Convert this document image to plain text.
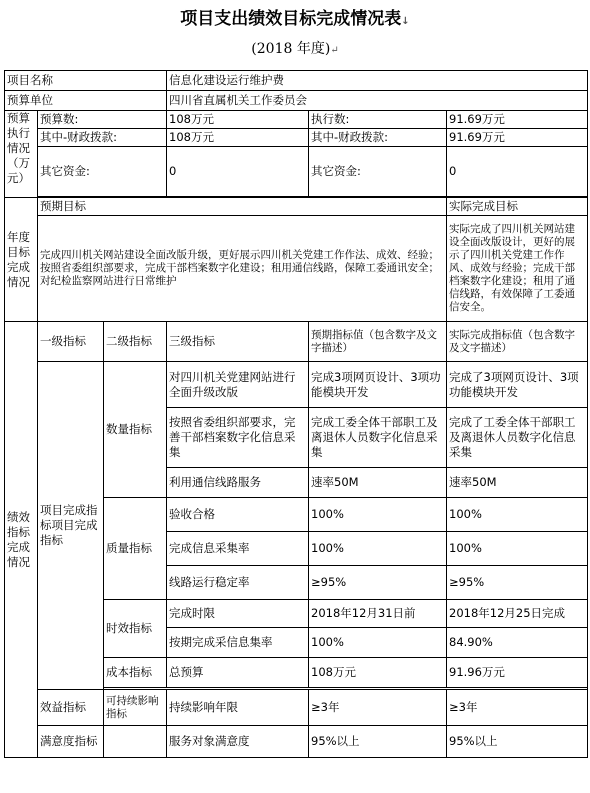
项目支出绩效目标完成情况表↓
(2018 年度)↵
项目名称			信息化建设运行维护费		
预算单位			四川省直属机关工作委员会		
预算执行情况（万元）	预算数:		108万元	执行数:	91.69万元
	其中-财政拨款:		108万元	其中-财政拨款:	91.69万元
	其它资金:		0	其它资金:	0

年度目标完成情况	预期目标				实际完成目标
	完成四川机关网站建设全面改版升级，更好展示四川机关党建工作作法、成效、经验；按照省委组织部要求，完成干部档案数字化建设；租用通信线路，保障工委通讯安全；对纪检监察网站进行日常维护				实际完成了四川机关网站建设全面改版设计，更好的展示了四川机关党建工作作风、成效与经验；完成干部档案数字化建设；租用了通信线路，有效保障了工委通信安全。
绩效指标完成情况	一级指标	二级指标	三级指标	预期指标值（包含数字及文字描述）	实际完成指标值（包含数字及文字描述）
	项目完成指标项目完成指标	数量指标	对四川机关党建网站进行全面升级改版	完成3项网页设计、3项功能模块开发	完成了3项网页设计、3项功能模块开发
			按照省委组织部要求，完善干部档案数字化信息采集	完成工委全体干部职工及离退休人员数字化信息采集	完成了工委全体干部职工及离退休人员数字化信息采集
			利用通信线路服务	速率50M	速率50M
		质量指标	验收合格	100%	100%
			完成信息采集率	100%	100%
			线路运行稳定率	≥95%	≥95%
		时效指标	完成时限	2018年12月31日前	2018年12月25日完成
			按期完成采信息集率	100%	84.90%
		成本指标	总预算	108万元	91.96万元

	效益指标	可持续影响指标	持续影响年限	≥3年	≥3年
	满意度指标		服务对象满意度	95%以上	95%以上
